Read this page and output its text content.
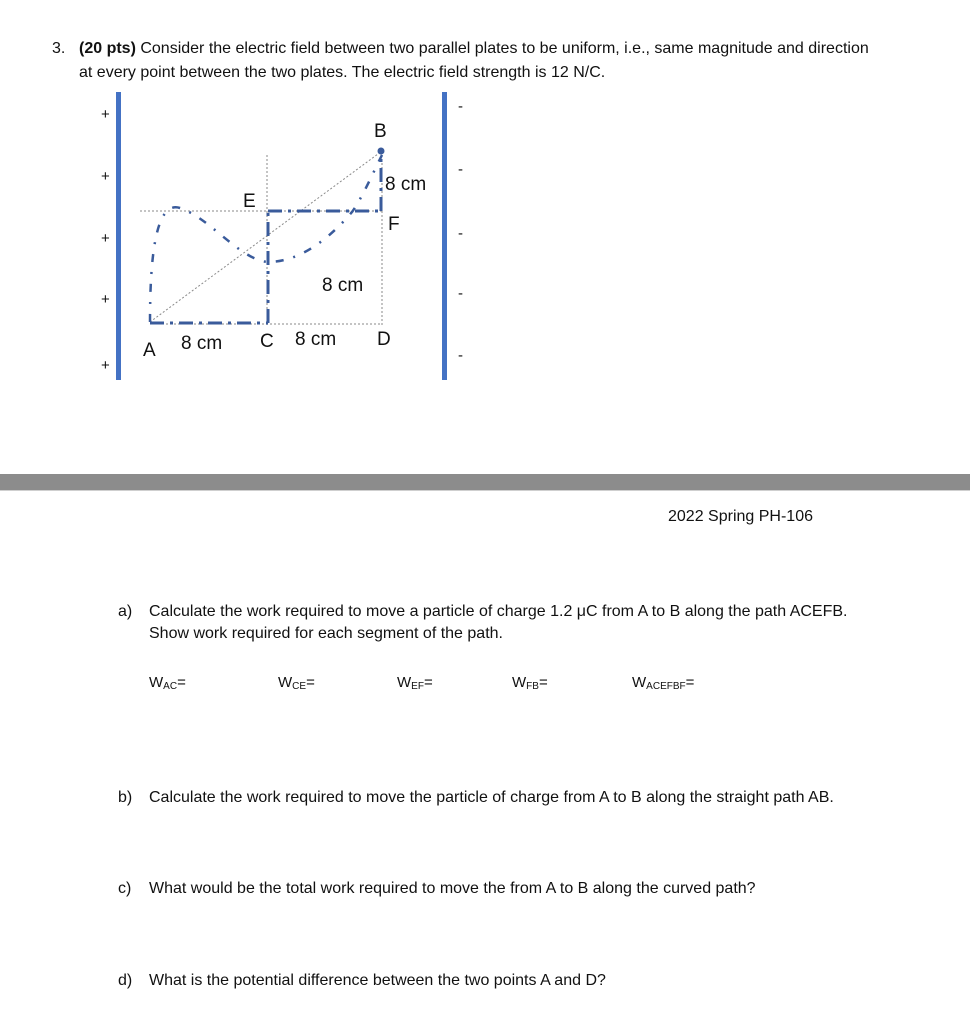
3. (20 pts) Consider the electric field between two parallel plates to be uniform, i.e., same magnitude and direction
at every point between the two plates. The electric field strength is 12 N/C.
+
+
+
+
+
-
-
-
-
-
A
B
C	D
E
F
8 cm	8 cm
8 cm
8 cm
2022 Spring PH-106
a) Calculate the work required to move a particle of charge 1.2 μC from A to B along the path ACEFB.
Show work required for each segment of the path.
$W_{AC}=$	$W_{CE}=$	$W_{EF}=$	$W_{FB}=$	$W_{ACEFBF}=$
b) Calculate the work required to move the particle of charge from A to B along the straight path AB.
c) What would be the total work required to move the from A to B along the curved path?
d) What is the potential difference between the two points A and D?
